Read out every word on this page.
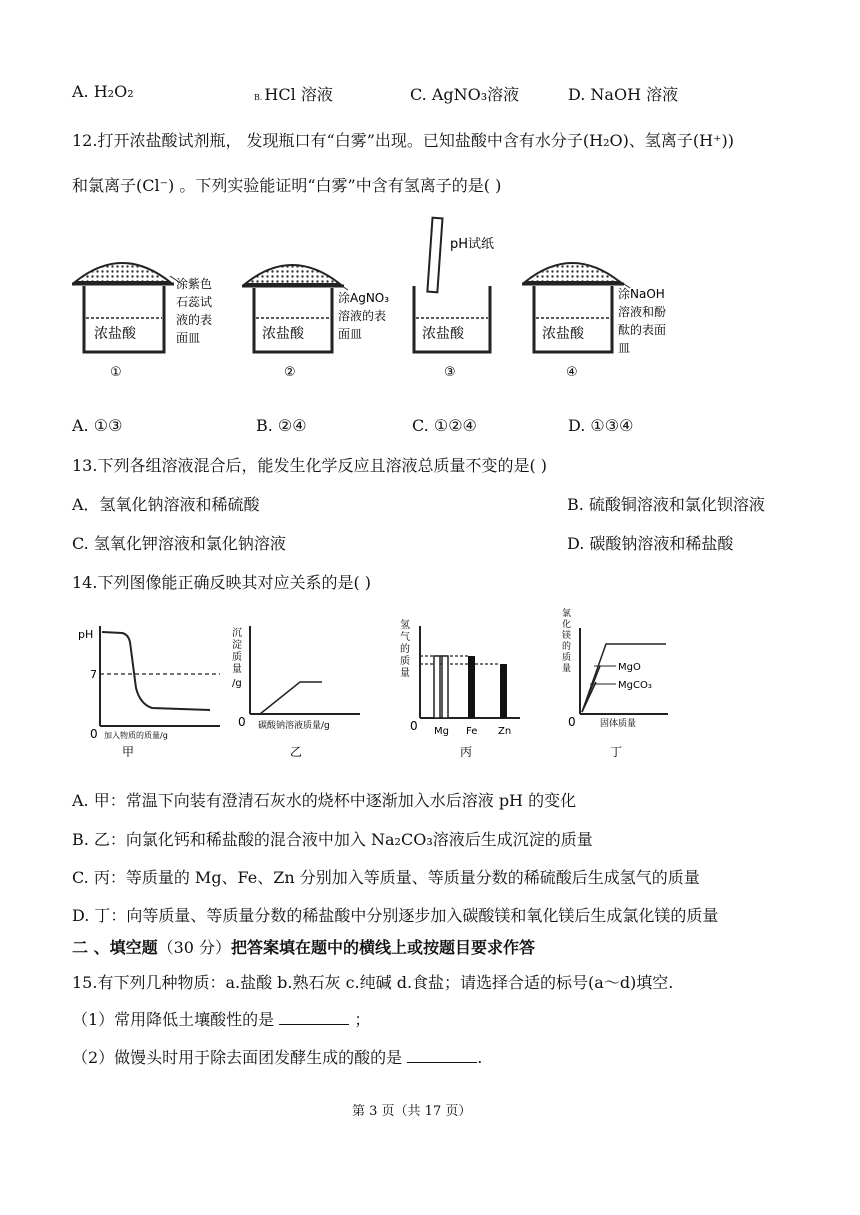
A. H₂O₂	B. HCl 溶液	C. AgNO₃溶液	D. NaOH 溶液
12.打开浓盐酸试剂瓶， 发现瓶口有“白雾”出现。已知盐酸中含有水分子(H₂O)、氢离子(H⁺))
和氯离子(Cl⁻) 。下列实验能证明“白雾”中含有氢离子的是( )
浓盐酸
涂紫色
石蕊试
液的表
面皿
①
浓盐酸
涂AgNO₃
溶液的表
面皿
②
pH试纸
浓盐酸
③
浓盐酸
涂NaOH
溶液和酚
酞的表面
皿
④
A. ①③	B. ②④	C. ①②④	D. ①③④
13.下列各组溶液混合后，能发生化学反应且溶液总质量不变的是( )
A．氢氧化钠溶液和稀硫酸	B. 硫酸铜溶液和氯化钡溶液
C. 氢氧化钾溶液和氯化钠溶液	D. 碳酸钠溶液和稀盐酸
14.下列图像能正确反映其对应关系的是( )
pH
7
0 加入物质的质量/g
甲
沉
淀
质
量
/g
0 碳酸钠溶液质量/g
乙
氢
气
的
质
量
0 Mg Fe Zn
丙
氯
化
镁
的
质
量	MgO
MgCO₃
0	固体质量
丁
A. 甲：常温下向装有澄清石灰水的烧杯中逐渐加入水后溶液 pH 的变化
B. 乙：向氯化钙和稀盐酸的混合液中加入 Na₂CO₃溶液后生成沉淀的质量
C. 丙：等质量的 Mg、Fe、Zn 分别加入等质量、等质量分数的稀硫酸后生成氢气的质量
D. 丁：向等质量、等质量分数的稀盐酸中分别逐步加入碳酸镁和氧化镁后生成氯化镁的质量
二 、填空题（30 分）把答案填在题中的横线上或按题目要求作答
15.有下列几种物质：a.盐酸 b.熟石灰 c.纯碱 d.食盐；请选择合适的标号(a～d)填空.
（1）常用降低土壤酸性的是	；
（2）做馒头时用于除去面团发酵生成的酸的是	.
第 3 页（共 17 页）
